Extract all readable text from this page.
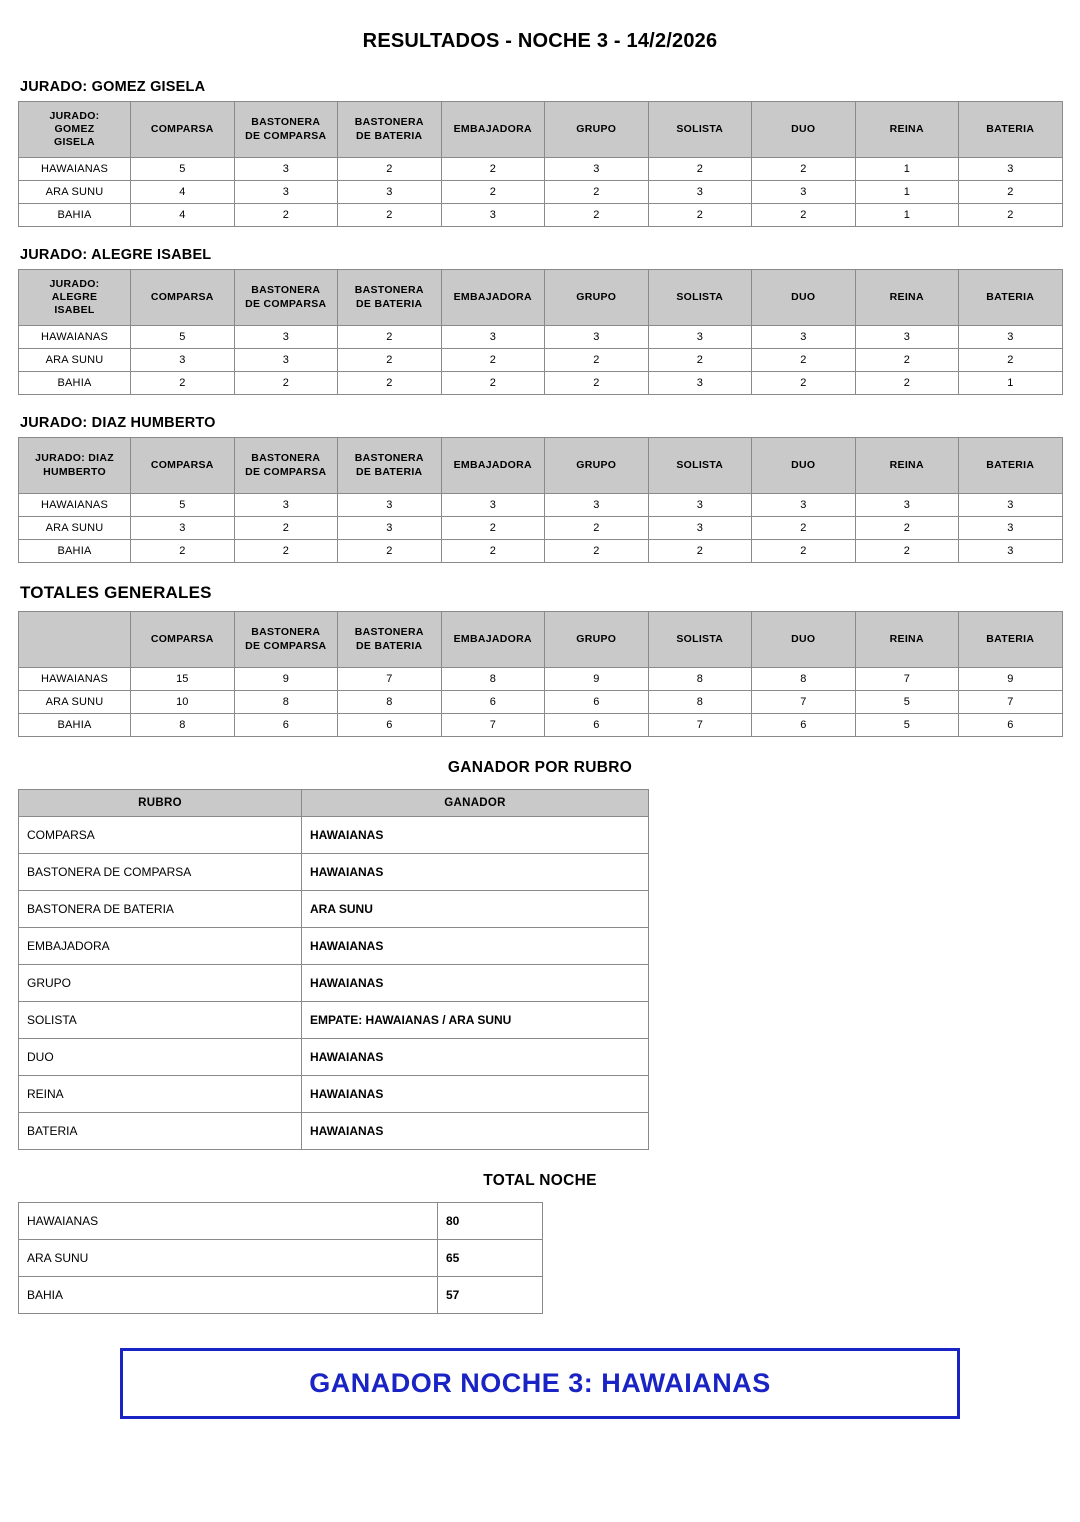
RESULTADOS - NOCHE 3 - 14/2/2026
JURADO: GOMEZ GISELA
JURADO:
GOMEZ
GISELA	COMPARSA	BASTONERA
DE COMPARSA	BASTONERA
DE BATERIA	EMBAJADORA	GRUPO	SOLISTA	DUO	REINA	BATERIA
HAWAIANAS	5	3	2	2	3	2	2	1	3
ARA SUNU	4	3	3	2	2	3	3	1	2
BAHIA	4	2	2	3	2	2	2	1	2
JURADO: ALEGRE ISABEL
JURADO:
ALEGRE
ISABEL	COMPARSA	BASTONERA
DE COMPARSA	BASTONERA
DE BATERIA	EMBAJADORA	GRUPO	SOLISTA	DUO	REINA	BATERIA
HAWAIANAS	5	3	2	3	3	3	3	3	3
ARA SUNU	3	3	2	2	2	2	2	2	2
BAHIA	2	2	2	2	2	3	2	2	1
JURADO: DIAZ HUMBERTO
JURADO: DIAZ
HUMBERTO	COMPARSA	BASTONERA
DE COMPARSA	BASTONERA
DE BATERIA	EMBAJADORA	GRUPO	SOLISTA	DUO	REINA	BATERIA
HAWAIANAS	5	3	3	3	3	3	3	3	3
ARA SUNU	3	2	3	2	2	3	2	2	3
BAHIA	2	2	2	2	2	2	2	2	3
TOTALES GENERALES
	COMPARSA	BASTONERA
DE COMPARSA	BASTONERA
DE BATERIA	EMBAJADORA	GRUPO	SOLISTA	DUO	REINA	BATERIA
HAWAIANAS	15	9	7	8	9	8	8	7	9
ARA SUNU	10	8	8	6	6	8	7	5	7
BAHIA	8	6	6	7	6	7	6	5	6
GANADOR POR RUBRO
RUBRO	GANADOR
COMPARSA	HAWAIANAS
BASTONERA DE COMPARSA	HAWAIANAS
BASTONERA DE BATERIA	ARA SUNU
EMBAJADORA	HAWAIANAS
GRUPO	HAWAIANAS
SOLISTA	EMPATE: HAWAIANAS / ARA SUNU
DUO	HAWAIANAS
REINA	HAWAIANAS
BATERIA	HAWAIANAS
TOTAL NOCHE
HAWAIANAS	80
ARA SUNU	65
BAHIA	57
GANADOR NOCHE 3: HAWAIANAS
